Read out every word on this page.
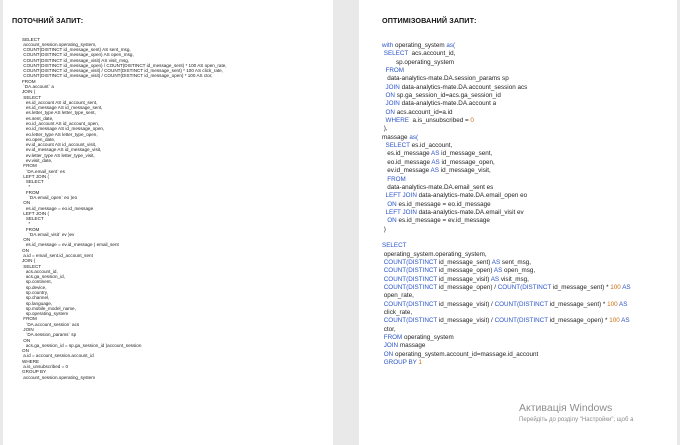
ПОТОЧНИЙ ЗАПИТ:
SELECT
account_session.operating_system,
COUNT(DISTINCT id_message_sent) AS sent_msg,
COUNT(DISTINCT id_message_open) AS open_msg,
COUNT(DISTINCT id_message_visit) AS visit_msg,
COUNT(DISTINCT id_message_open) / COUNT(DISTINCT id_message_sent) * 100 AS open_rate,
COUNT(DISTINCT id_message_visit) / COUNT(DISTINCT id_message_sent) * 100 AS click_rate,
COUNT(DISTINCT id_message_visit) / COUNT(DISTINCT id_message_open) * 100 AS ctor,
FROM
`DA.account` a
JOIN (
SELECT
es.id_account AS id_account_sent,
es.id_message AS id_message_sent,
es.letter_type AS letter_type_sent,
es.sent_date,
eo.id_account AS id_account_open,
eo.id_message AS id_message_open,
eo.letter_type AS letter_type_open,
eo.open_date,
ev.id_account AS id_account_visit,
ev.id_message AS id_message_visit,
ev.letter_type AS letter_type_visit,
ev.visit_date,
FROM
`DA.email_sent` es
LEFT JOIN (
SELECT
*
FROM
`DA.email_open` eo )eo
ON
es.id_message = eo.id_message
LEFT JOIN (
SELECT
*
FROM
`DA.email_visit` ev )ev
ON
es.id_message = ev.id_message ) email_sent
ON
a.id = email_sent.id_account_sent
JOIN (
SELECT
acs.account_id,
acs.ga_session_id,
sp.continent,
sp.device,
sp.country,
sp.channel,
sp.language,
sp.mobile_model_name,
sp.operating_system
FROM
`DA.account_session` acs
JOIN
`DA.session_params` sp
ON
acs.ga_session_id = sp.ga_session_id )account_session
ON
a.id = account_session.account_id
WHERE
a.is_unsubscribed = 0
GROUP BY
account_session.operating_system
ОПТИМІЗОВАНИЙ ЗАПИТ:
with operating_system as(
SELECT  acs.account_id,
sp.operating_system
FROM
data-analytics-mate.DA.session_params sp
JOIN data-analytics-mate.DA.account_session acs
ON sp.ga_session_id=acs.ga_session_id
JOIN data-analytics-mate.DA.account a
ON acs.account_id=a.id
WHERE  a.is_unsubscribed = 0
),
massage as(
SELECT es.id_account,
es.id_message AS id_message_sent,
eo.id_message AS id_message_open,
ev.id_message AS id_message_visit,
FROM
data-analytics-mate.DA.email_sent es
LEFT JOIN data-analytics-mate.DA.email_open eo
ON es.id_message = eo.id_message
LEFT JOIN data-analytics-mate.DA.email_visit ev
ON es.id_message = ev.id_message
)

SELECT
operating_system.operating_system,
COUNT(DISTINCT id_message_sent) AS sent_msg,
COUNT(DISTINCT id_message_open) AS open_msg,
COUNT(DISTINCT id_message_visit) AS visit_msg,
COUNT(DISTINCT id_message_open) / COUNT(DISTINCT id_message_sent) * 100 AS
open_rate,
COUNT(DISTINCT id_message_visit) / COUNT(DISTINCT id_message_sent) * 100 AS
click_rate,
COUNT(DISTINCT id_message_visit) / COUNT(DISTINCT id_message_open) * 100 AS
ctor,
FROM operating_system
JOIN massage
ON operating_system.account_id=massage.id_account
GROUP BY 1
Активація Windows
Перейдіть до розділу "Настройки", щоб а
